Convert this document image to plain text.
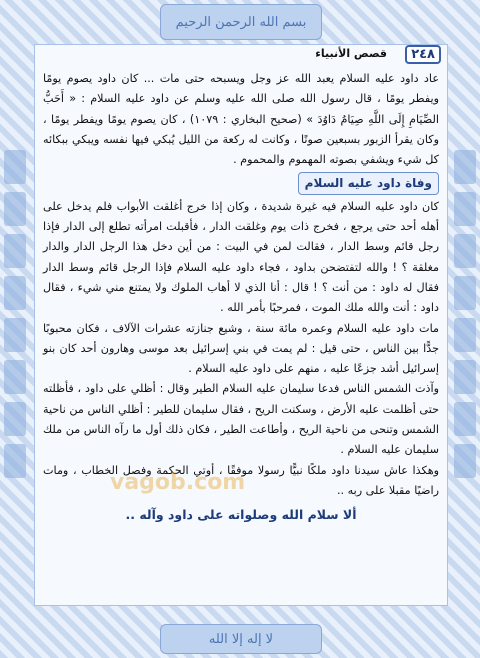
بسم الله الرحمن الرحيم
لا إله إلا الله
٢٤٨
قصص الأنبياء

عاد داود عليه السلام يعبد الله عز وجل ويسبحه حتى مات ... كان داود يصوم يومًا ويفطر يومًا ، قال رسول الله صلى الله عليه وسلم عن داود عليه السلام : « أَحَبُّ الصِّيَامِ إِلَى اللَّهِ صِيَامُ دَاوُدَ » (صحيح البخاري : ١٠٧٩) ، كان يصوم يومًا ويفطر يومًا ، وكان يقرأ الزبور بسبعين صوتًا ، وكانت له ركعة من الليل يُبكي فيها نفسه ويبكي ببكائه كل شيء ويشفي بصوته المهموم والمحموم .

وفاة داود عليه السلام

كان داود عليه السلام فيه غيرة شديدة ، وكان إذا خرج أغلقت الأبواب فلم يدخل على أهله أحد حتى يرجع ، فخرج ذات يوم وغلقت الدار ، فأقبلت امرأته تطلع إلى الدار فإذا رجل قائم وسط الدار ، فقالت لمن في البيت : من أين دخل هذا الرجل الدار والدار مغلقة ؟ ! والله لتفتضحن بداود ، فجاء داود عليه السلام فإذا الرجل قائم وسط الدار فقال له داود : من أنت ؟ ! قال : أنا الذي لا أهاب الملوك ولا يمتنع مني شيء ، فقال داود : أنت والله ملك الموت ، فمرحبًا بأمر الله .

مات داود عليه السلام وعمره مائة سنة ، وشيع جنازته عشرات الآلاف ، فكان محبوبًا جدًّا بين الناس ، حتى قيل : لم يمت في بني إسرائيل بعد موسى وهارون أحد كان بنو إسرائيل أشد جزعًا عليه ، منهم على داود عليه السلام .

وآذت الشمس الناس فدعا سليمان عليه السلام الطير وقال : أظلي على داود ، فأظلته حتى أظلمت عليه الأرض ، وسكنت الريح ، فقال سليمان للطير : أظلي الناس من ناحية الشمس وتنحى من ناحية الريح ، وأطاعت الطير ، فكان ذلك أول ما رآه الناس من ملك سليمان عليه السلام .

وهكذا عاش سيدنا داود ملكًا نبيًّا رسولا موفقًا ، أوتي الحكمة وفصل الخطاب ، ومات راضيًا مقبلا على ربه ..

ألا سلام الله وصلواته على داود وآله ..
vagob.com
